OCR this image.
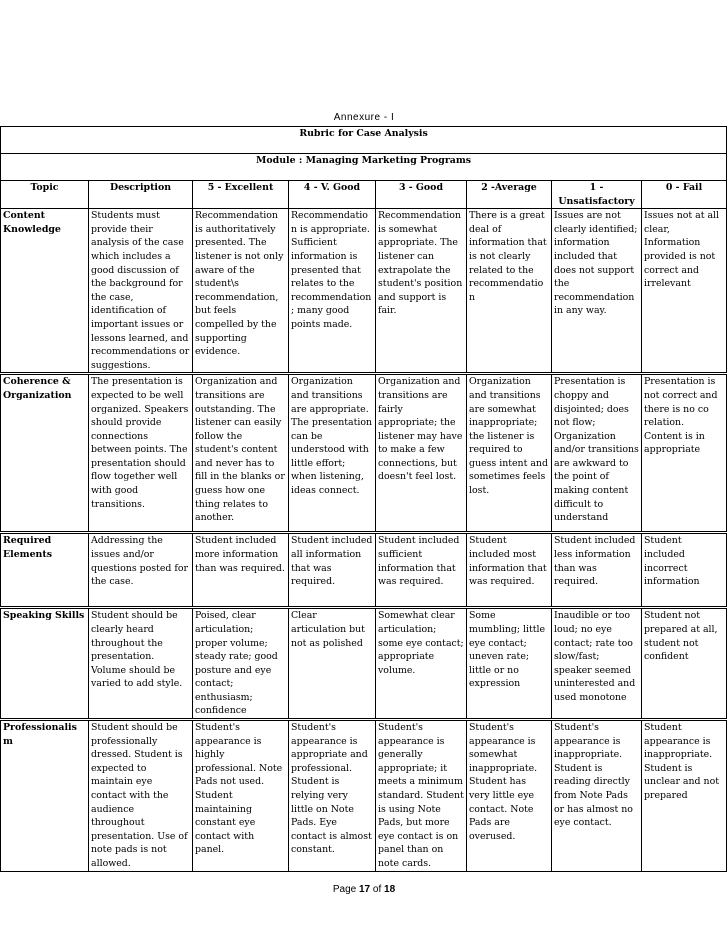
Annexure - I
Rubric for Case Analysis							
Module : Managing Marketing Programs							
Topic	Description	5 - Excellent	4 - V. Good	3 - Good	2 -Average	1 - Unsatisfactory	0 - Fail
Content Knowledge	Students must provide their analysis of the case which includes a good discussion of the background for the case, identification of important issues or lessons learned, and recommendations or suggestions.	Recommendation is authoritatively presented. The listener is not only aware of the student\s recommendation, but feels compelled by the supporting evidence.	Recommendation is appropriate. Sufficient information is presented that relates to the recommendation; many good points made.	Recommendation is somewhat appropriate. The listener can extrapolate the student's position and support is fair.	There is a great deal of information that is not clearly related to the recommendation	Issues are not clearly identified; information included that does not support the recommendation in any way.	Issues not at all clear, Information provided is not correct and irrelevant
Coherence & Organization	The presentation is expected to be well organized. Speakers should provide connections between points. The presentation should flow together well with good transitions.	Organization and transitions are outstanding. The listener can easily follow the student's content and never has to fill in the blanks or guess how one thing relates to another.	Organization and transitions are appropriate. The presentation can be understood with little effort; when listening, ideas connect.	Organization and transitions are fairly appropriate; the listener may have to make a few connections, but doesn't feel lost.	Organization and transitions are somewhat inappropriate; the listener is required to guess intent and sometimes feels lost.	Presentation is choppy and disjointed; does not flow; Organization and/or transitions are awkward to the point of making content difficult to understand	Presentation is not correct and there is no co relation. Content is in appropriate
Required Elements	Addressing the issues and/or questions posted for the case.	Student included more information than was required.	Student included all information that was required.	Student included sufficient information that was required.	Student included most information that was required.	Student included less information than was required.	Student included incorrect information
Speaking Skills	Student should be clearly heard throughout the presentation. Volume should be varied to add style.	Poised, clear articulation; proper volume; steady rate; good posture and eye contact; enthusiasm; confidence	Clear articulation but not as polished	Somewhat clear articulation; some eye contact; appropriate volume.	Some mumbling; little eye contact; uneven rate; little or no expression	Inaudible or too loud; no eye contact; rate too slow/fast; speaker seemed uninterested and used monotone	Student not prepared at all, student not confident
Professionalism	Student should be professionally dressed. Student is expected to maintain eye contact with the audience throughout presentation. Use of note pads is not allowed.	Student's appearance is highly professional. Note Pads not used. Student maintaining constant eye contact with panel.	Student's appearance is appropriate and professional. Student is relying very little on Note Pads. Eye contact is almost constant.	Student's appearance is generally appropriate; it meets a minimum standard. Student is using Note Pads, but more eye contact is on panel than on note cards.	Student's appearance is somewhat inappropriate. Student has very little eye contact. Note Pads are overused.	Student's appearance is inappropriate. Student is reading directly from Note Pads or has almost no eye contact.	Student appearance is inappropriate. Student is unclear and not prepared
Page 17 of 18
